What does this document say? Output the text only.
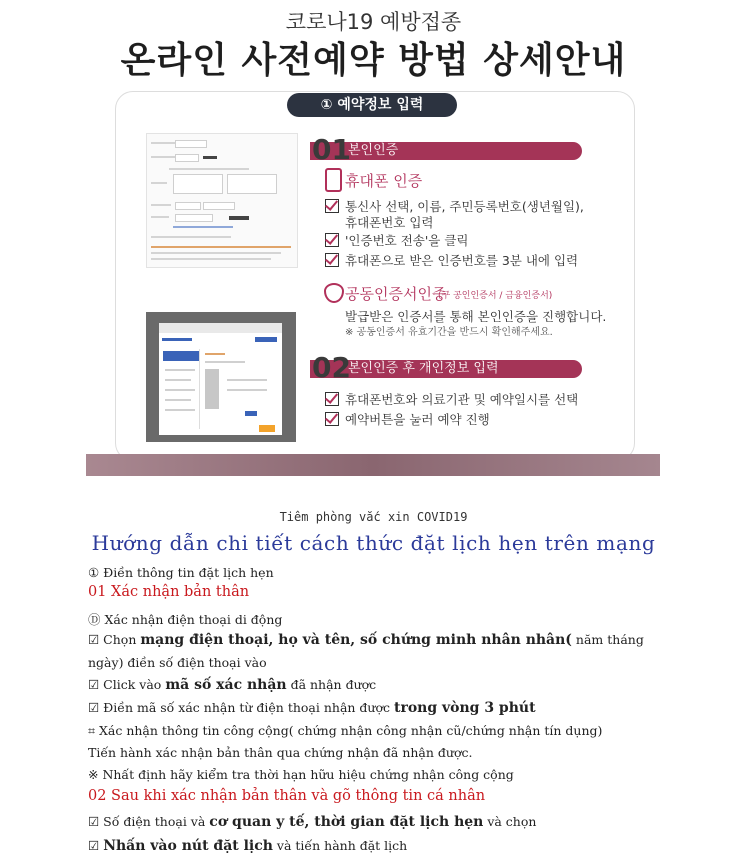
코로나19 예방접종
온라인 사전예약 방법 상세안내
① 예약정보 입력
01
본인인증
휴대폰 인증
통신사 선택, 이름, 주민등록번호(생년월일),
휴대폰번호 입력
'인증번호 전송'을 클릭
휴대폰으로 받은 인증번호를 3분 내에 입력
공동인증서인증
(구 공인인증서 / 금융인증서)
발급받은 인증서를 통해 본인인증을 진행합니다.
※ 공동인증서 유효기간을 반드시 확인해주세요.
02
본인인증 후 개인정보 입력
휴대폰번호와 의료기관 및 예약일시를 선택
예약버튼을 눌러 예약 진행
Tiêm phòng vắc xin COVID19
Hướng dẫn chi tiết cách thức đặt lịch hẹn trên mạng
① Điền thông tin đặt lịch hẹn
01 Xác nhận bản thân
Ⓓ Xác nhận điện thoại di động
☑ Chọn mạng điện thoại, họ và tên, số chứng minh nhân nhân( năm tháng
ngày) điền số điện thoại vào
☑ Click vào mã số xác nhận đã nhận được
☑ Điền mã số xác nhận từ điện thoại nhận được trong vòng 3 phút
⌗ Xác nhận thông tin công cộng( chứng nhận công nhận cũ/chứng nhận tín dụng)
Tiến hành xác nhận bản thân qua chứng nhận đã nhận được.
※ Nhất định hãy kiểm tra thời hạn hữu hiệu chứng nhận công cộng
02 Sau khi xác nhận bản thân và gõ thông tin cá nhân
☑ Số điện thoại và cơ quan y tế, thời gian đặt lịch hẹn và chọn
☑ Nhấn vào nút đặt lịch và tiến hành đặt lịch
